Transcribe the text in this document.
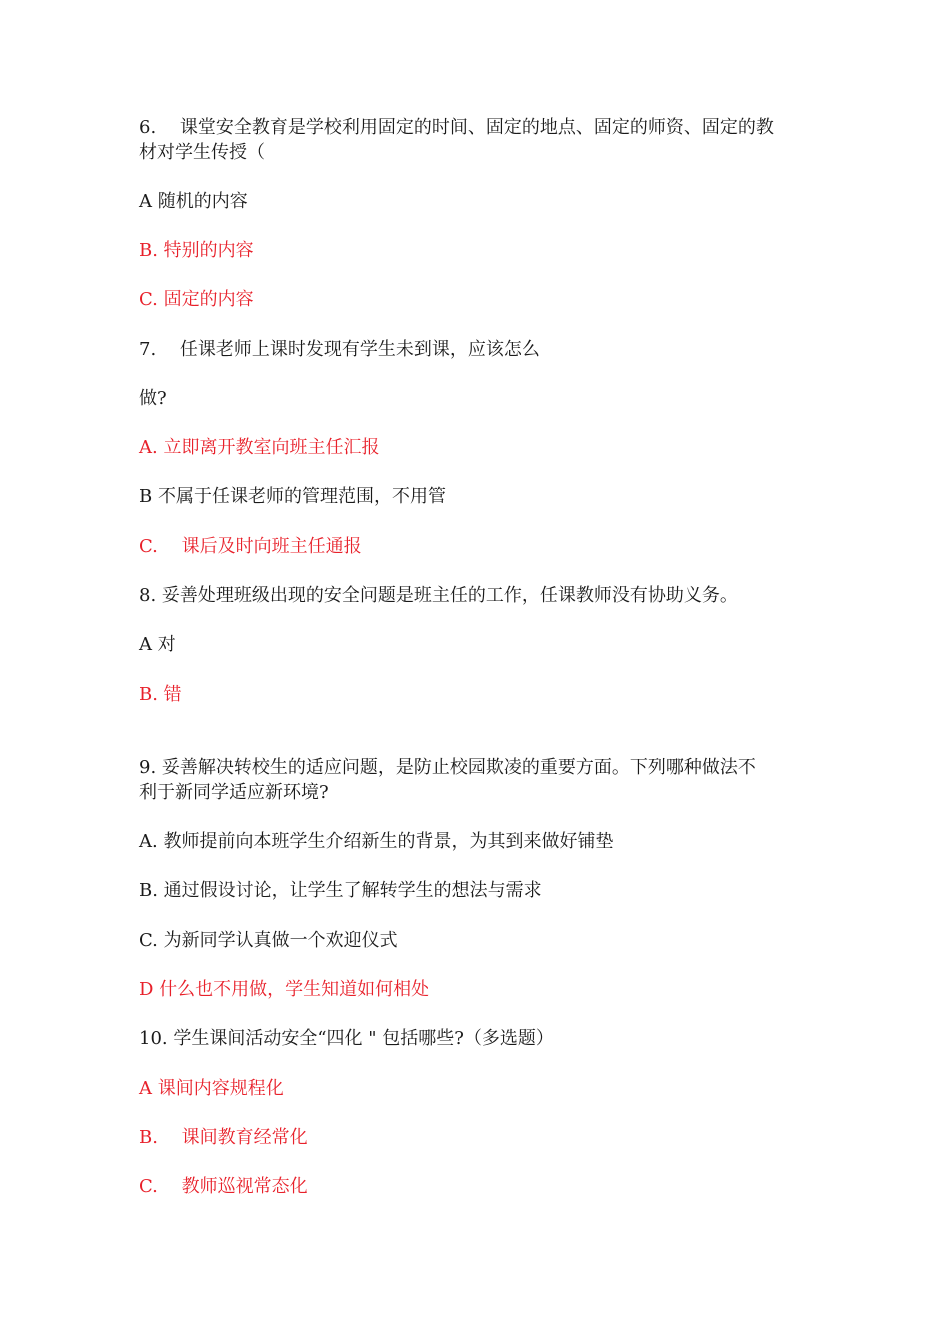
6.　 课堂安全教育是学校利用固定的时间、固定的地点、固定的师资、固定的教
材对学生传授（
A 随机的内容
B. 特别的内容
C. 固定的内容
7.　 任课老师上课时发现有学生未到课，应该怎么
做?
A. 立即离开教室向班主任汇报
B 不属于任课老师的管理范围，不用管
C.　 课后及时向班主任通报
8. 妥善处理班级出现的安全问题是班主任的工作，任课教师没有协助义务。
A 对
B. 错
9. 妥善解决转校生的适应问题，是防止校园欺凌的重要方面。下列哪种做法不
利于新同学适应新环境?
A. 教师提前向本班学生介绍新生的背景，为其到来做好铺垫
B. 通过假设讨论，让学生了解转学生的想法与需求
C. 为新同学认真做一个欢迎仪式
D 什么也不用做，学生知道如何相处
10. 学生课间活动安全“四化 " 包括哪些?（多选题）
A 课间内容规程化
B.　 课间教育经常化
C.　 教师巡视常态化
